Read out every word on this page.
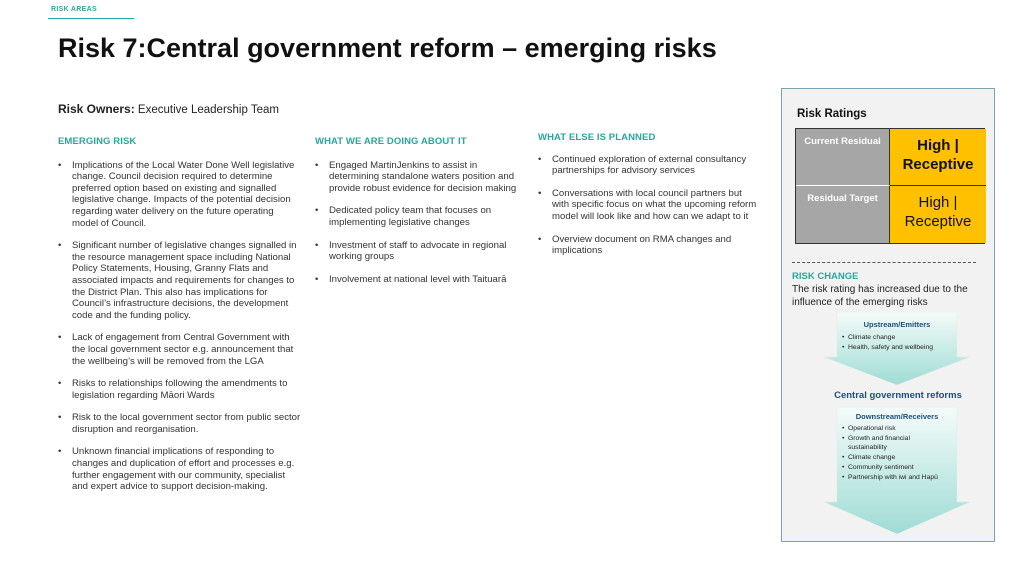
RISK AREAS
Risk 7:Central government reform – emerging risks
Risk Owners: Executive Leadership Team
EMERGING RISK
• Implications of the Local Water Done Well legislative change. Council decision required to determine preferred option based on existing and signalled legislative change. Impacts of the potential decision regarding water delivery on the future operating model of Council.
• Significant number of legislative changes signalled in the resource management space including National Policy Statements, Housing, Granny Flats and associated impacts and requirements for changes to the District Plan. This also has implications for Council’s infrastructure decisions, the development code and the funding policy.
• Lack of engagement from Central Government with the local government sector e.g. announcement that the wellbeing’s will be removed from the LGA
• Risks to relationships following the amendments to legislation regarding Māori Wards
• Risk to the local government sector from public sector disruption and reorganisation.
• Unknown financial implications of responding to changes and duplication of effort and processes e.g. further engagement with our community, specialist and expert advice to support decision-making.
WHAT WE ARE DOING ABOUT IT
• Engaged MartinJenkins to assist in determining standalone waters position and provide robust evidence for decision making
• Dedicated policy team that focuses on implementing legislative changes
• Investment of staff to advocate in regional working groups
• Involvement at national level with Taituarā
WHAT ELSE IS PLANNED
• Continued exploration of external consultancy partnerships for advisory services
• Conversations with local council partners but with specific focus on what the upcoming reform model will look like and how can we adapt to it
• Overview document on RMA changes and implications
Risk Ratings
Current Residual	High | Receptive
Residual Target	High | Receptive
RISK CHANGE
The risk rating has increased due to the influence of the emerging risks
Upstream/Emitters
• Climate change
• Health, safety and wellbeing
Central government reforms
Downstream/Receivers
• Operational risk
• Growth and financial sustainability
• Climate change
• Community sentiment
• Partnership with iwi and Hapū
